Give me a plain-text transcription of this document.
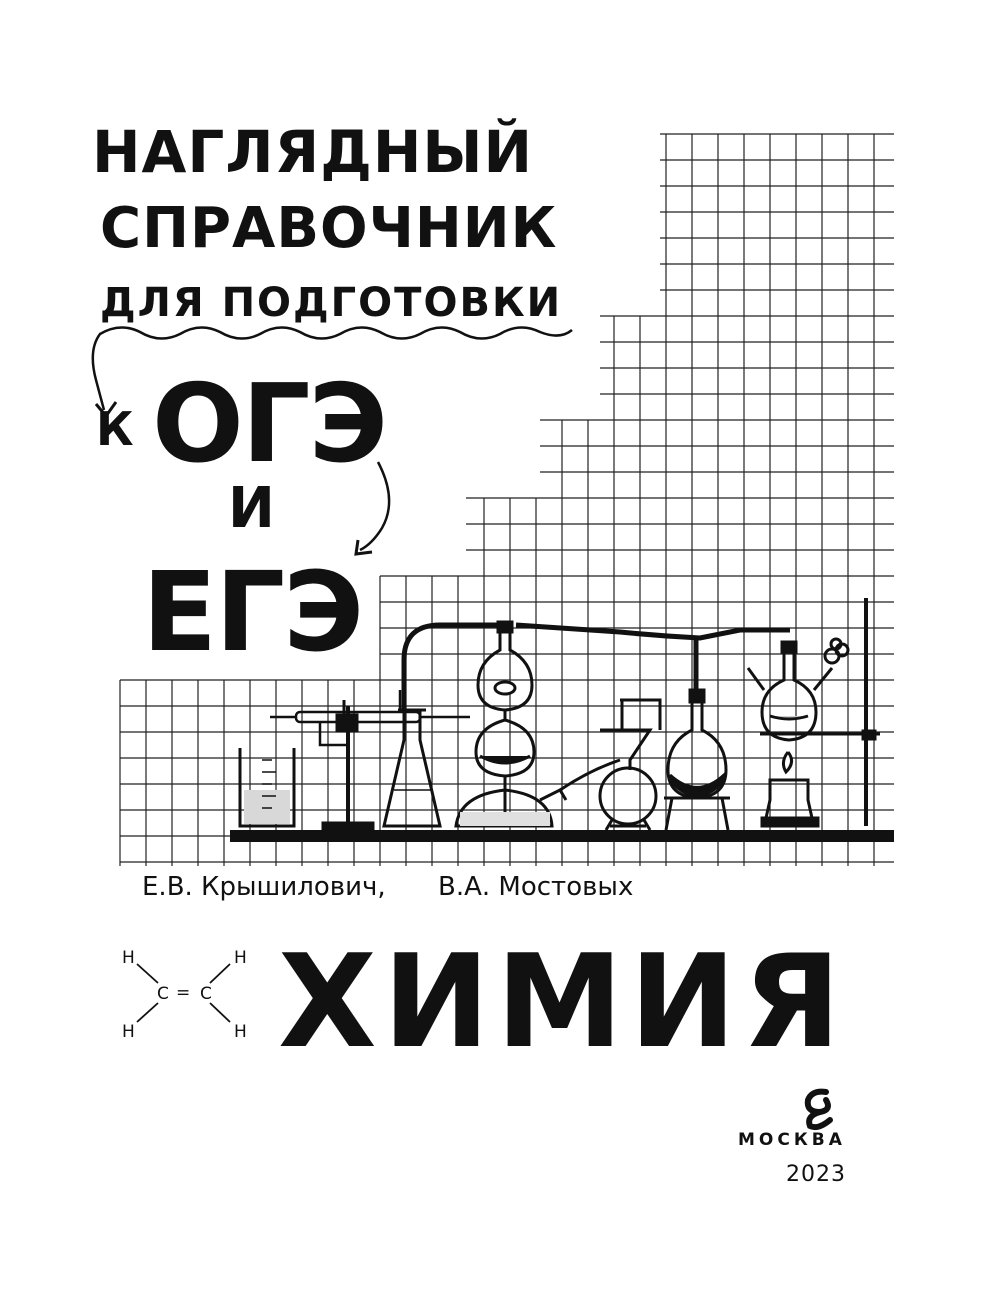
НАГЛЯДНЫЙ
СПРАВОЧНИК
ДЛЯ ПОДГОТОВКИ
К ОГЭ
И
ЕГЭ
Е.В. Крышилович, В.А. Мостовых
H
H
C = C
H
H ХИМИЯ
МОСКВА
2023
